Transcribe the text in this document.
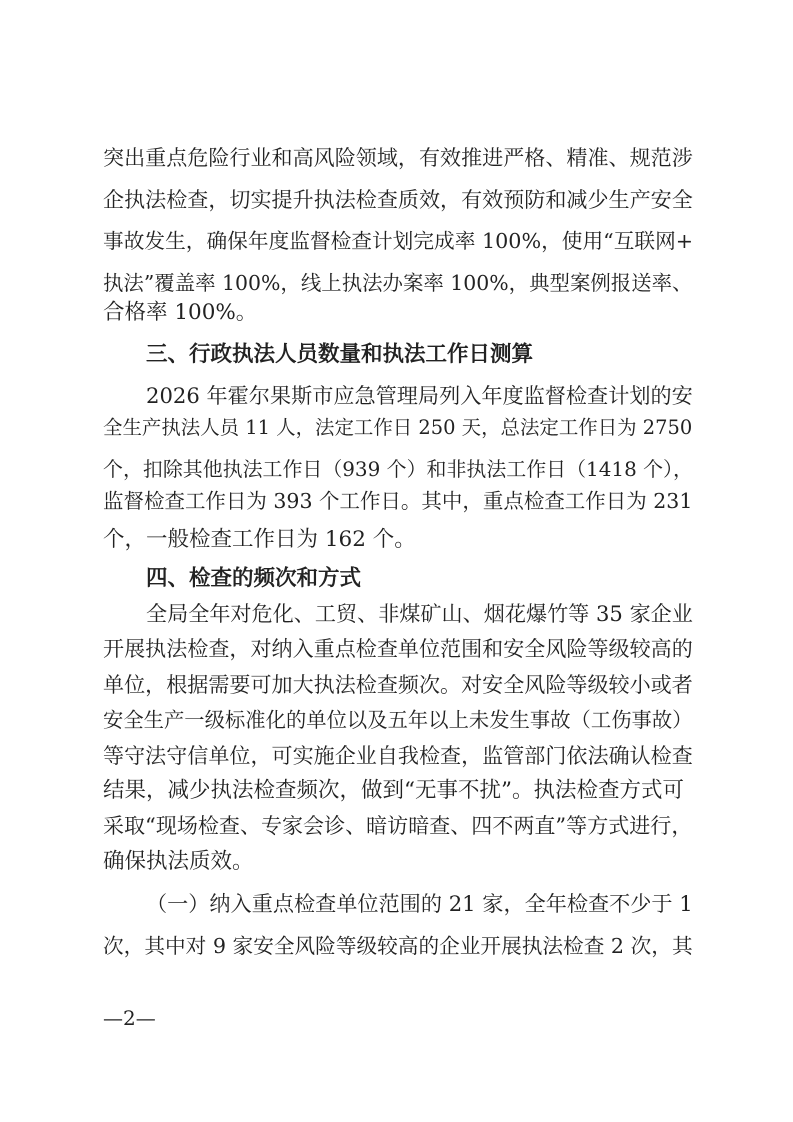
突出重点危险行业和高风险领域，有效推进严格、精准、规范涉
企执法检查，切实提升执法检查质效，有效预防和减少生产安全
事故发生，确保年度监督检查计划完成率 100%，使用“互联网+
执法”覆盖率 100%，线上执法办案率 100%，典型案例报送率、
合格率 100%。
三、行政执法人员数量和执法工作日测算
2026 年霍尔果斯市应急管理局列入年度监督检查计划的安
全生产执法人员 11 人，法定工作日 250 天，总法定工作日为 2750
个，扣除其他执法工作日（939 个）和非执法工作日（1418 个），
监督检查工作日为 393 个工作日。其中，重点检查工作日为 231
个，一般检查工作日为 162 个。
四、检查的频次和方式
全局全年对危化、工贸、非煤矿山、烟花爆竹等 35 家企业
开展执法检查，对纳入重点检查单位范围和安全风险等级较高的
单位，根据需要可加大执法检查频次。对安全风险等级较小或者
安全生产一级标准化的单位以及五年以上未发生事故（工伤事故）
等守法守信单位，可实施企业自我检查，监管部门依法确认检查
结果，减少执法检查频次，做到“无事不扰”。执法检查方式可
采取“现场检查、专家会诊、暗访暗查、四不两直”等方式进行，
确保执法质效。
（一）纳入重点检查单位范围的 21 家，全年检查不少于 1
次，其中对 9 家安全风险等级较高的企业开展执法检查 2 次，其
—2—
